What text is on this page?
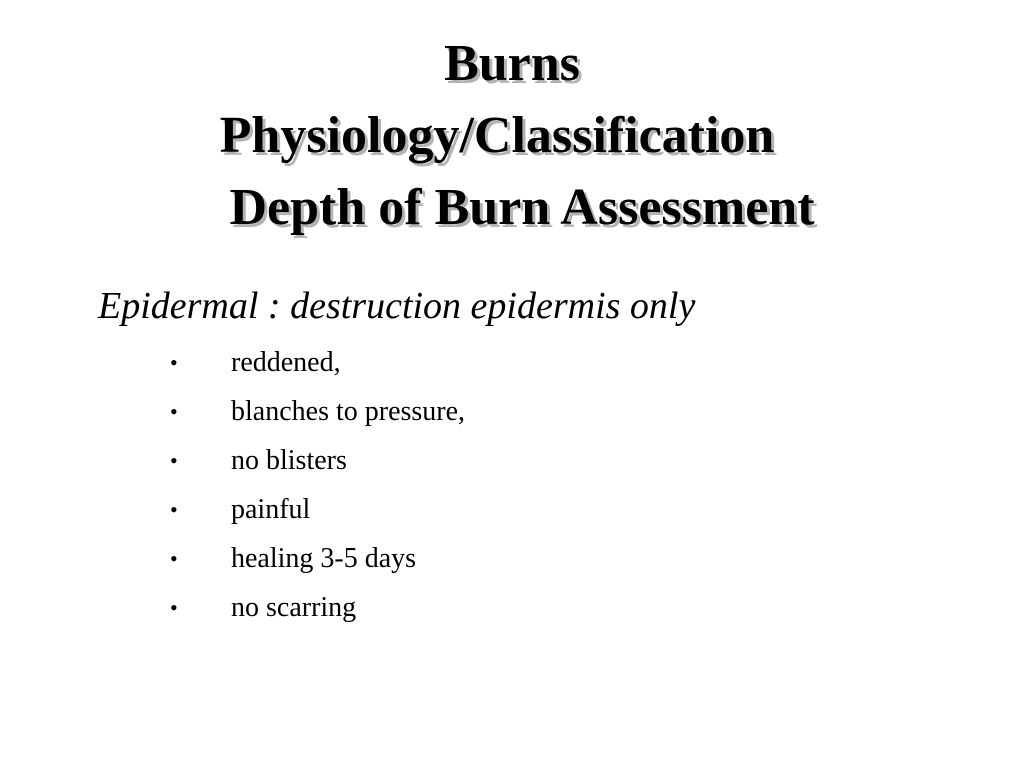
Burns
Physiology/Classification
Depth of Burn Assessment
Epidermal : destruction epidermis only
•	reddened,
•	blanches to pressure,
•	no blisters
•	painful
•	healing 3-5 days
•	no scarring
